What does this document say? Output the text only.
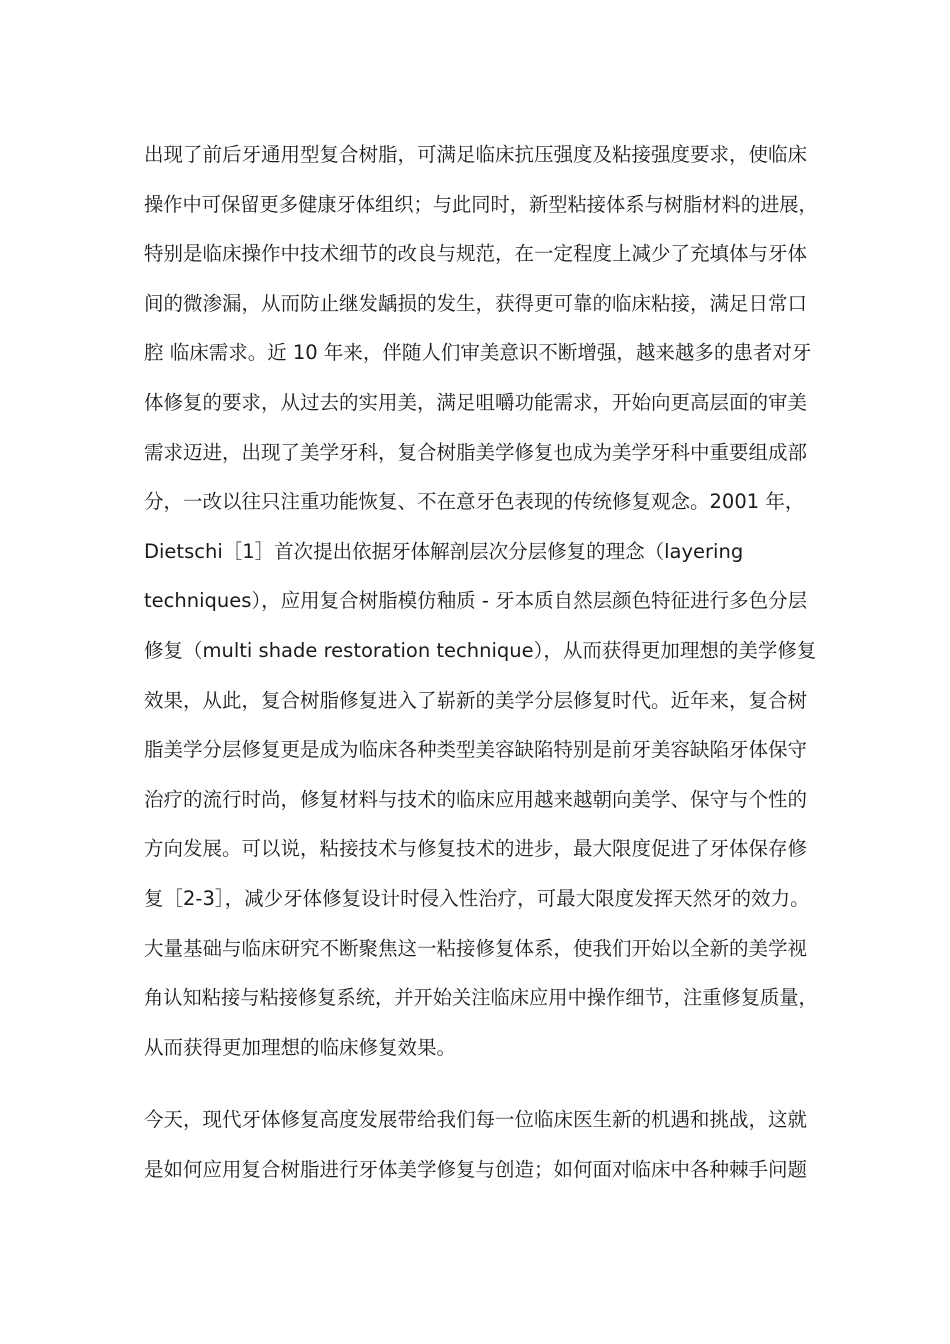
出现了前后牙通用型复合树脂，可满足临床抗压强度及粘接强度要求，使临床
操作中可保留更多健康牙体组织；与此同时，新型粘接体系与树脂材料的进展，
特别是临床操作中技术细节的改良与规范，在一定程度上减少了充填体与牙体
间的微渗漏，从而防止继发龋损的发生，获得更可靠的临床粘接，满足日常口
腔 临床需求。近 10 年来，伴随人们审美意识不断增强，越来越多的患者对牙
体修复的要求，从过去的实用美，满足咀嚼功能需求，开始向更高层面的审美
需求迈进，出现了美学牙科，复合树脂美学修复也成为美学牙科中重要组成部
分，一改以往只注重功能恢复、不在意牙色表现的传统修复观念。2001 年，
Dietschi［1］首次提出依据牙体解剖层次分层修复的理念（layering
techniques），应用复合树脂模仿釉质 - 牙本质自然层颜色特征进行多色分层
修复（multi shade restoration technique），从而获得更加理想的美学修复
效果，从此，复合树脂修复进入了崭新的美学分层修复时代。近年来，复合树
脂美学分层修复更是成为临床各种类型美容缺陷特别是前牙美容缺陷牙体保守
治疗的流行时尚，修复材料与技术的临床应用越来越朝向美学、保守与个性的
方向发展。可以说，粘接技术与修复技术的进步，最大限度促进了牙体保存修
复［2-3］，减少牙体修复设计时侵入性治疗，可最大限度发挥天然牙的效力。
大量基础与临床研究不断聚焦这一粘接修复体系，使我们开始以全新的美学视
角认知粘接与粘接修复系统，并开始关注临床应用中操作细节，注重修复质量，
从而获得更加理想的临床修复效果。
今天，现代牙体修复高度发展带给我们每一位临床医生新的机遇和挑战，这就
是如何应用复合树脂进行牙体美学修复与创造；如何面对临床中各种棘手问题
